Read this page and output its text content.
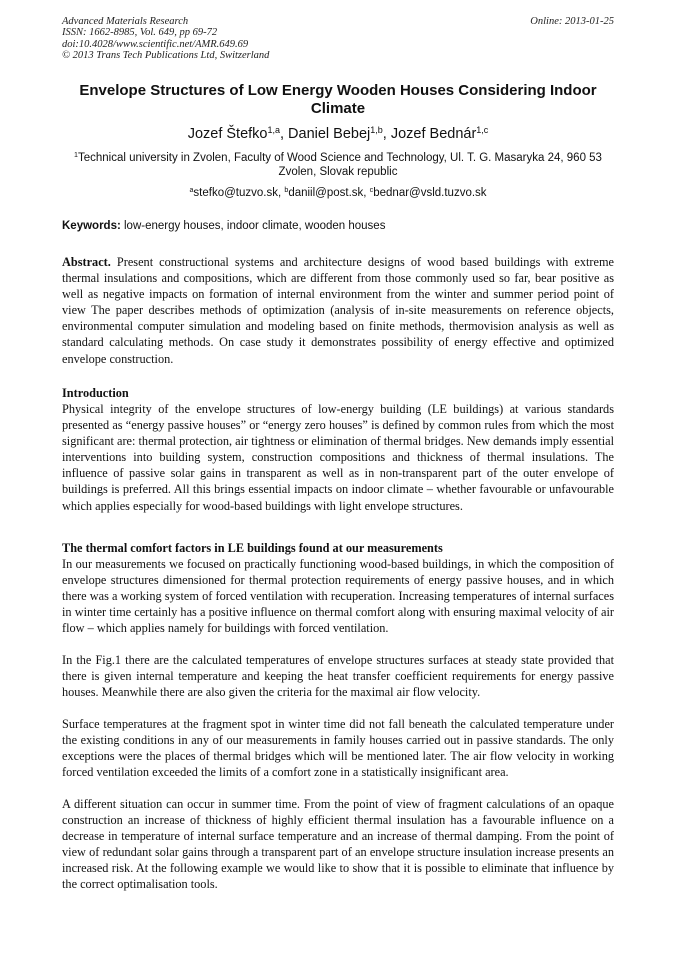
Advanced Materials Research
ISSN: 1662-8985, Vol. 649, pp 69-72
doi:10.4028/www.scientific.net/AMR.649.69
© 2013 Trans Tech Publications Ltd, Switzerland
Online: 2013-01-25
Envelope Structures of Low Energy Wooden Houses Considering Indoor Climate
Jozef Štefko$^{1,a}$, Daniel Bebej$^{1,b}$, Jozef Bednár$^{1,c}$
$^1$Technical university in Zvolen, Faculty of Wood Science and Technology, Ul. T. G. Masaryka 24, 960 53 Zvolen, Slovak republic
$^a$stefko@tuzvo.sk, $^b$daniil@post.sk, $^c$bednar@vsld.tuzvo.sk
Keywords: low-energy houses, indoor climate, wooden houses
Abstract. Present constructional systems and architecture designs of wood based buildings with extreme thermal insulations and compositions, which are different from those commonly used so far, bear positive as well as negative impacts on formation of internal environment from the winter and summer period point of view The paper describes methods of optimization (analysis of in-site measurements on reference objects, environmental computer simulation and modeling based on finite methods, thermovision analysis as well as standard calculating methods. On case study it demonstrates possibility of energy effective and optimized envelope construction.
Introduction
Physical integrity of the envelope structures of low-energy building (LE buildings) at various standards presented as “energy passive houses” or “energy zero houses” is defined by common rules from which the most significant are: thermal protection, air tightness or elimination of thermal bridges. New demands imply essential interventions into building system, construction compositions and thickness of thermal insulations. The influence of passive solar gains in transparent as well as in non-transparent part of the outer envelope of buildings is preferred. All this brings essential impacts on indoor climate – whether favourable or unfavourable which applies especially for wood-based buildings with light envelope structures.
The thermal comfort factors in LE buildings found at our measurements
In our measurements we focused on practically functioning wood-based buildings, in which the composition of envelope structures dimensioned for thermal protection requirements of energy passive houses, and in which there was a working system of forced ventilation with recuperation. Increasing temperatures of internal surfaces in winter time certainly has a positive influence on thermal comfort along with ensuring maximal velocity of air flow – which applies namely for buildings with forced ventilation.
In the Fig.1 there are the calculated temperatures of envelope structures surfaces at steady state provided that there is given internal temperature and keeping the heat transfer coefficient requirements for energy passive houses. Meanwhile there are also given the criteria for the maximal air flow velocity.
Surface temperatures at the fragment spot in winter time did not fall beneath the calculated temperature under the existing conditions in any of our measurements in family houses carried out in passive standards. The only exceptions were the places of thermal bridges which will be mentioned later. The air flow velocity in working forced ventilation exceeded the limits of a comfort zone in a statistically insignificant area.
A different situation can occur in summer time. From the point of view of fragment calculations of an opaque construction an increase of thickness of highly efficient thermal insulation has a favourable influence on a decrease in temperature of internal surface temperature and an increase of thermal damping. From the point of view of redundant solar gains through a transparent part of an envelope structure insulation increase presents an increased risk. At the following example we would like to show that it is possible to eliminate that influence by the correct optimalisation tools.
